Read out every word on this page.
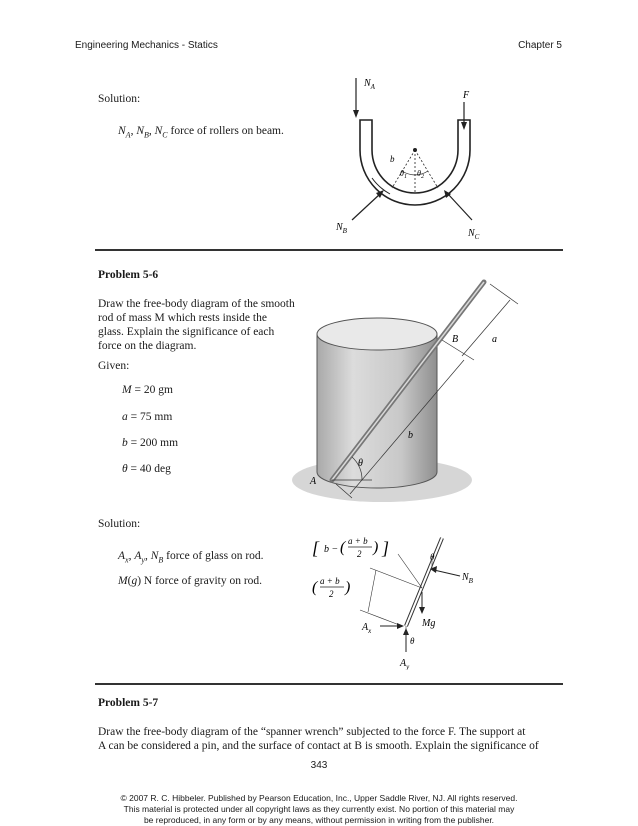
Engineering Mechanics - Statics	Chapter 5
Solution:
$N_A$, $N_B$, $N_C$ force of rollers on beam.
$N_A$
F
b
$\theta_1$ $\theta_2$
$N_B$	$N_C$
Problem 5-6
Draw the free-body diagram of the smooth
rod of mass M which rests inside the
glass. Explain the significance of each
force on the diagram.
Given:
M = 20 gm
a = 75 mm
b = 200 mm
θ = 40 deg
a
B
b
θ
A
Solution:
$A_x$, $A_y$, $N_B$ force of glass on rod.
M(g) N force of gravity on rod.
[ b − ( a + b
2 ) ]
( a + b
2 )
θ
$N_B$
Mg
$A_x$
θ
$A_y$
Problem 5-7
Draw the free-body diagram of the “spanner wrench” subjected to the force F. The support at
A can be considered a pin, and the surface of contact at B is smooth. Explain the significance of
343
© 2007 R. C. Hibbeler. Published by Pearson Education, Inc., Upper Saddle River, NJ. All rights reserved.
This material is protected under all copyright laws as they currently exist. No portion of this material may
be reproduced, in any form or by any means, without permission in writing from the publisher.
